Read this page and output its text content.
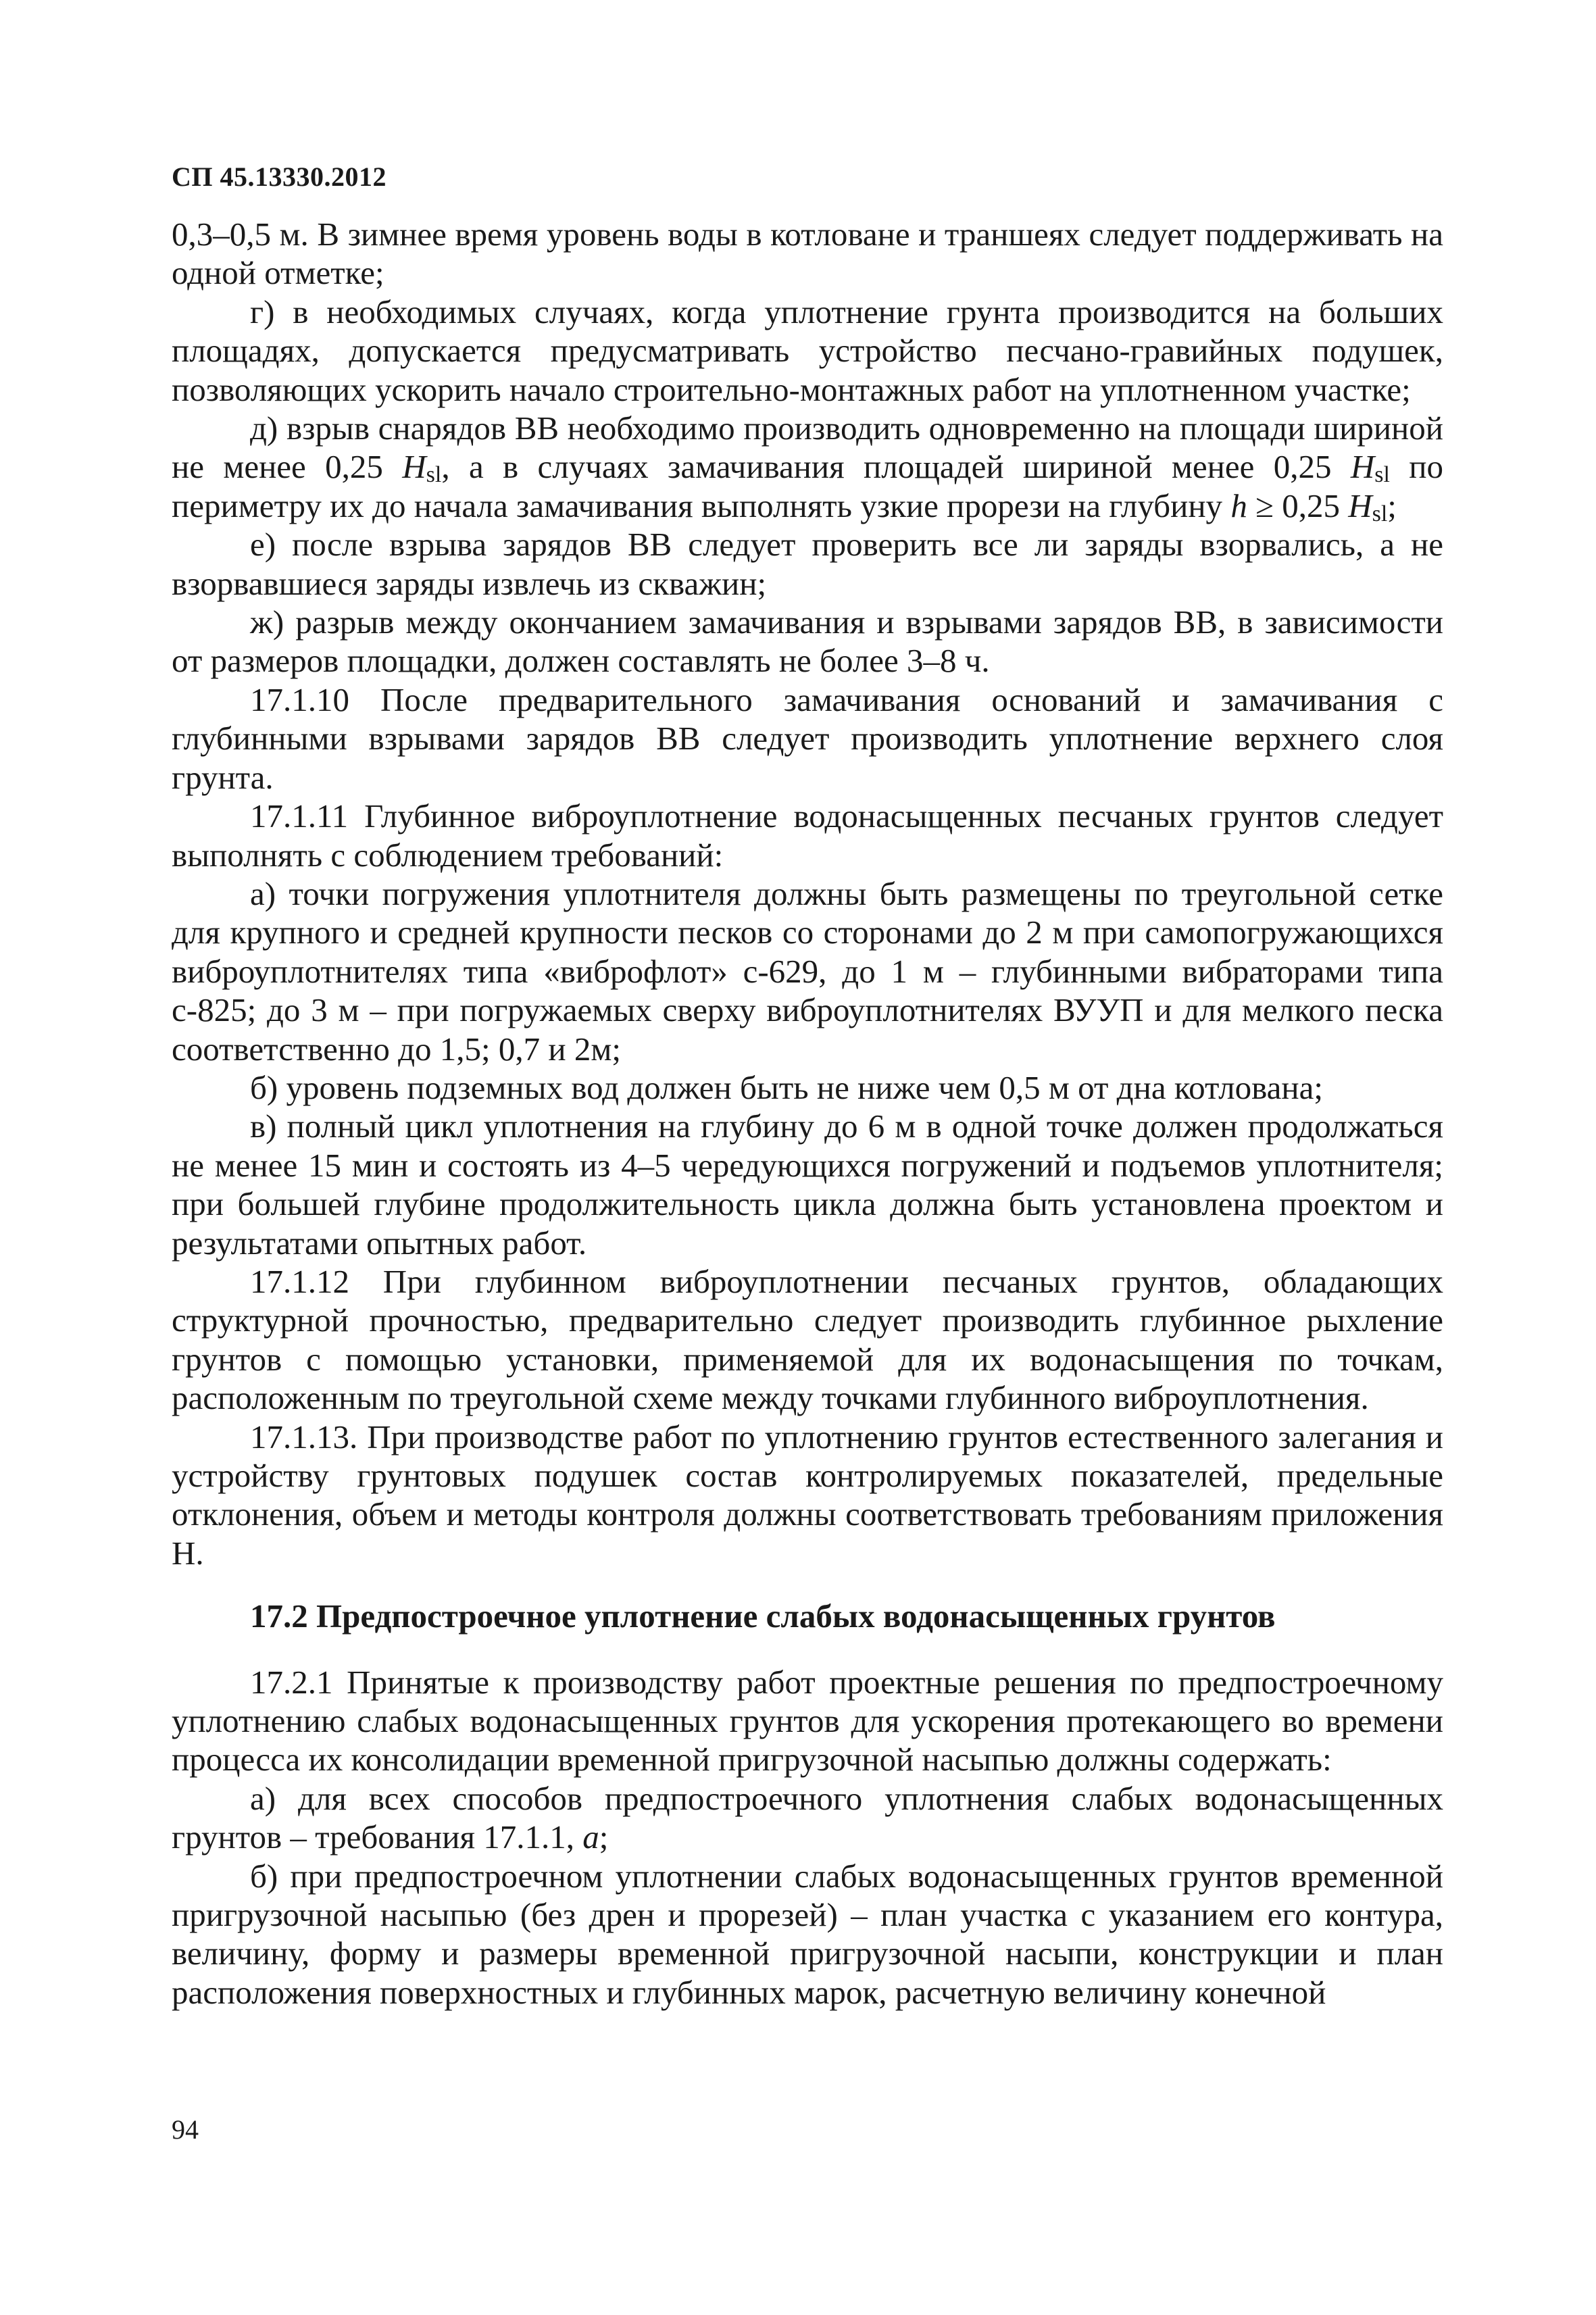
СП 45.13330.2012

0,3–0,5 м. В зимнее время уровень воды в котловане и траншеях следует поддерживать на одной отметке;

г) в необходимых случаях, когда уплотнение грунта производится на больших площадях, допускается предусматривать устройство песчано-гравийных подушек, позволяющих ускорить начало строительно-монтажных работ на уплотненном участке;

д) взрыв снарядов ВВ необходимо производить одновременно на площади шириной не менее 0,25 $H_{sl}$, а в случаях замачивания площадей шириной менее 0,25 $H_{sl}$ по периметру их до начала замачивания выполнять узкие прорези на глубину h ≥ 0,25 $H_{sl}$;

е) после взрыва зарядов ВВ следует проверить все ли заряды взорвались, а не взорвавшиеся заряды извлечь из скважин;

ж) разрыв между окончанием замачивания и взрывами зарядов ВВ, в зависимости от размеров площадки, должен составлять не более 3–8 ч.

17.1.10 После предварительного замачивания оснований и замачивания с глубинными взрывами зарядов ВВ следует производить уплотнение верхнего слоя грунта.

17.1.11 Глубинное виброуплотнение водонасыщенных песчаных грунтов следует выполнять с соблюдением требований:

а) точки погружения уплотнителя должны быть размещены по треугольной сетке для крупного и средней крупности песков со сторонами до 2 м при самопогружающихся виброуплотнителях типа «виброфлот» с-629, до 1 м – глубинными вибраторами типа с-825; до 3 м – при погружаемых сверху виброуплотнителях ВУУП и для мелкого песка соответственно до 1,5; 0,7 и 2м;

б) уровень подземных вод должен быть не ниже чем 0,5 м от дна котлована;

в) полный цикл уплотнения на глубину до 6 м в одной точке должен продолжаться не менее 15 мин и состоять из 4–5 чередующихся погружений и подъемов уплотнителя; при большей глубине продолжительность цикла должна быть установлена проектом и результатами опытных работ.

17.1.12 При глубинном виброуплотнении песчаных грунтов, обладающих структурной прочностью, предварительно следует производить глубинное рыхление грунтов с помощью установки, применяемой для их водонасыщения по точкам, расположенным по треугольной схеме между точками глубинного виброуплотнения.

17.1.13. При производстве работ по уплотнению грунтов естественного залегания и устройству грунтовых подушек состав контролируемых показателей, предельные отклонения, объем и методы контроля должны соответствовать требованиям приложения Н.

17.2 Предпостроечное уплотнение слабых водонасыщенных грунтов

17.2.1 Принятые к производству работ проектные решения по предпостроечному уплотнению слабых водонасыщенных грунтов для ускорения протекающего во времени процесса их консолидации временной пригрузочной насыпью должны содержать:

а) для всех способов предпостроечного уплотнения слабых водонасыщенных грунтов – требования 17.1.1, а;

б) при предпостроечном уплотнении слабых водонасыщенных грунтов временной пригрузочной насыпью (без дрен и прорезей) – план участка с указанием его контура, величину, форму и размеры временной пригрузочной насыпи, конструкции и план расположения поверхностных и глубинных марок, расчетную величину конечной

94
